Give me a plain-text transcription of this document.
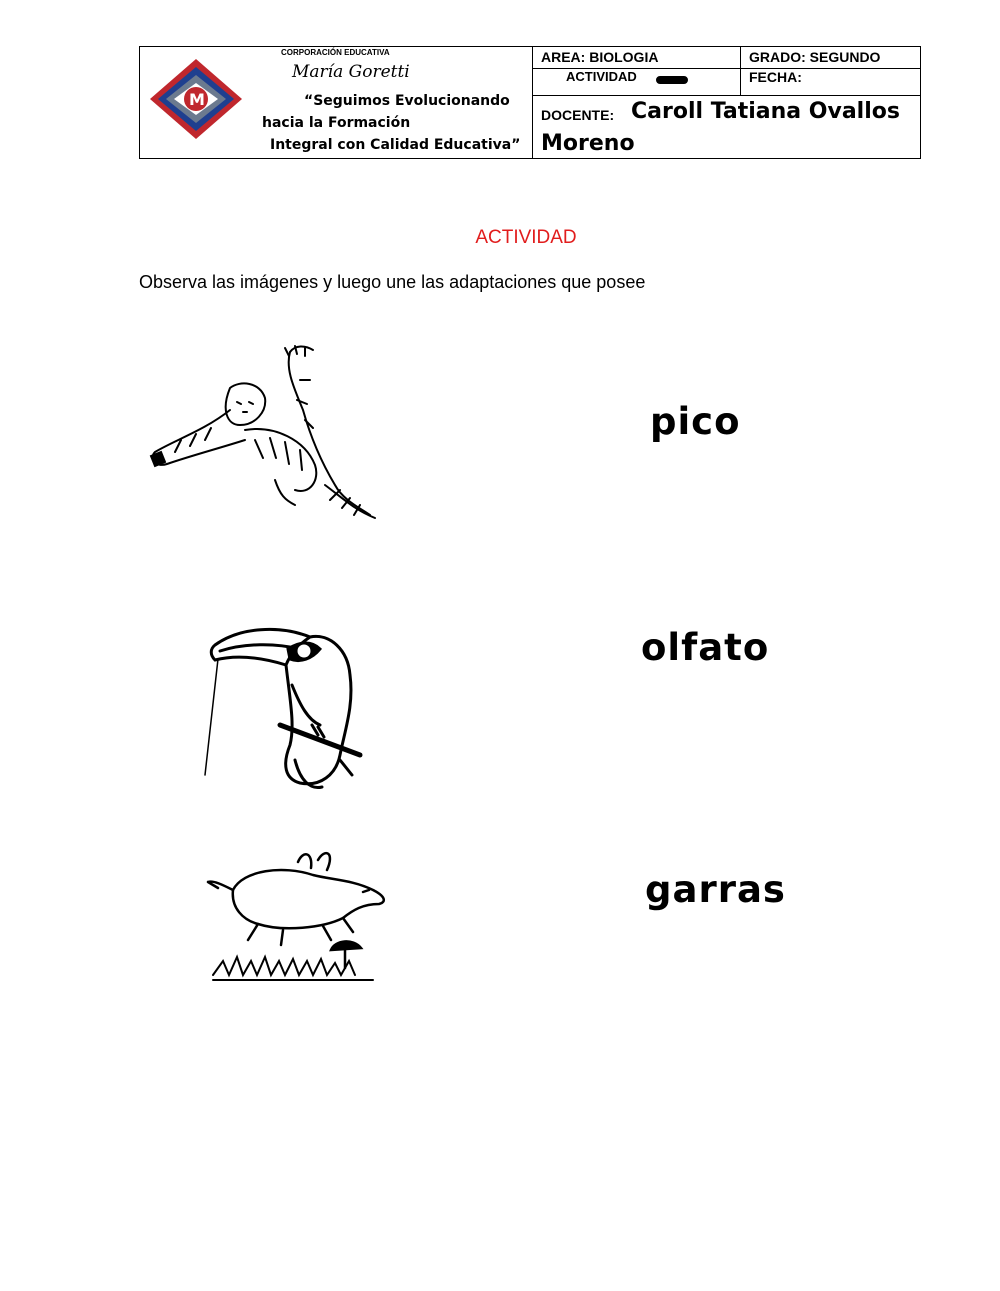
M
CORPORACIÓN EDUCATIVA
María Goretti
“Seguimos Evolucionando
hacia la Formación
Integral con Calidad Educativa”
AREA: BIOLOGIA	GRADO: SEGUNDO
ACTIVIDAD	FECHA:
DOCENTE: Caroll Tatiana Ovallos Moreno
ACTIVIDAD
Observa las imágenes y luego une las adaptaciones que posee
pico
olfato
garras
